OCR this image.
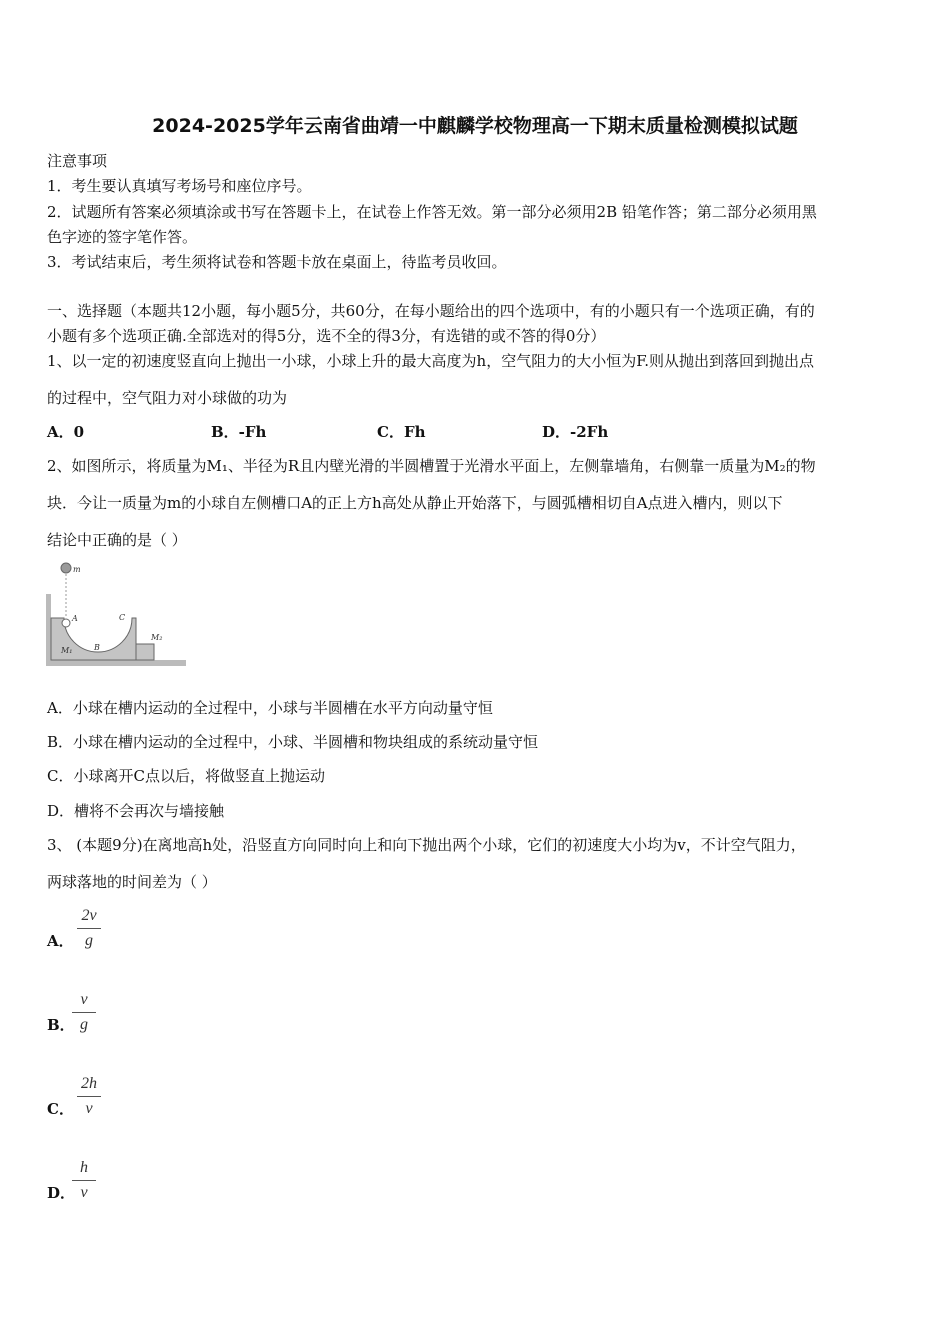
2024-2025学年云南省曲靖一中麒麟学校物理高一下期末质量检测模拟试题
注意事项
1．考生要认真填写考场号和座位序号。
2．试题所有答案必须填涂或书写在答题卡上，在试卷上作答无效。第一部分必须用2B 铅笔作答；第二部分必须用黑
色字迹的签字笔作答。
3．考试结束后，考生须将试卷和答题卡放在桌面上，待监考员收回。
一、选择题（本题共12小题，每小题5分，共60分，在每小题给出的四个选项中，有的小题只有一个选项正确，有的
小题有多个选项正确.全部选对的得5分，选不全的得3分，有选错的或不答的得0分）
1、以一定的初速度竖直向上抛出一小球，小球上升的最大高度为h，空气阻力的大小恒为F.则从抛出到落回到抛出点
的过程中，空气阻力对小球做的功为
A．0	B．-Fh	C．Fh	D．-2Fh
2、如图所示，将质量为M₁、半径为R且内壁光滑的半圆槽置于光滑水平面上，左侧靠墙角，右侧靠一质量为M₂的物
块．今让一质量为m的小球自左侧槽口A的正上方h高处从静止开始落下，与圆弧槽相切自A点进入槽内，则以下
结论中正确的是（ ）
m
A
B
C
M₁
M₂
A．小球在槽内运动的全过程中，小球与半圆槽在水平方向动量守恒
B．小球在槽内运动的全过程中，小球、半圆槽和物块组成的系统动量守恒
C．小球离开C点以后，将做竖直上抛运动
D．槽将不会再次与墙接触
3、 (本题9分)在离地高h处，沿竖直方向同时向上和向下抛出两个小球，它们的初速度大小均为v，不计空气阻力，
两球落地的时间差为（ ）
A．
2v
g
B．
v
g
C．
2h
v
D．
h
v
